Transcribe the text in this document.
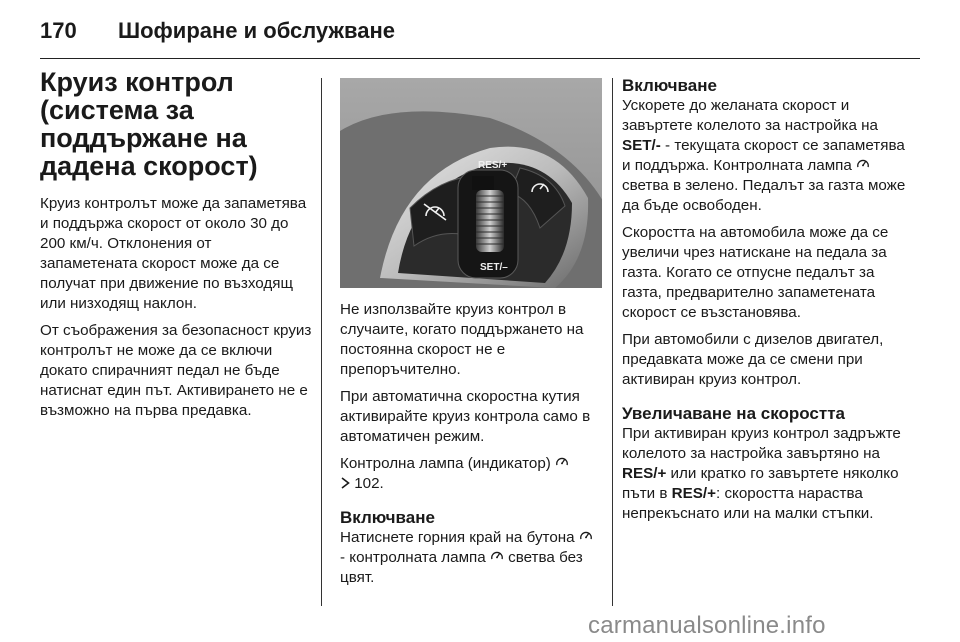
170 Шофиране и обслужване
Круиз контрол (система за поддържане на дадена скорост)

Круиз контролът може да запаметява и поддържа скорост от около 30 до 200 км/ч. Отклонения от запаметената скорост може да се получат при движение по възходящ или низходящ наклон.

От съображения за безопасност круиз контролът не може да се включи докато спирачният педал не бъде натиснат един път. Активирането не е възможно на първа предавка.

RES/+
SET/–

Не използвайте круиз контрол в случаите, когато поддържането на постоянна скорост не е препоръчително.

При автоматична скоростна кутия активирайте круиз контрола само в автоматичен режим.

Контролна лампа (индикатор)
102.

Включване

Натиснете горния край на бутона  - контролната лампа  светва без цвят.

Включване

Ускорете до желаната скорост и завъртете колелото за настройка на SET/- - текущата скорост се запаметява и поддържа. Контролната лампа  светва в зелено. Педалът за газта може да бъде освободен.

Скоростта на автомобила може да се увеличи чрез натискане на педала за газта. Когато се отпусне педалът за газта, предварително запаметената скорост се възстановява.

При автомобили с дизелов двигател, предавката може да се смени при активиран круиз контрол.

Увеличаване на скоростта

При активиран круиз контрол задръжте колелото за настройка завъртяно на RES/+ или кратко го завъртете няколко пъти в RES/+: скоростта нараства непрекъснато или на малки стъпки.

carmanualsonline.info
